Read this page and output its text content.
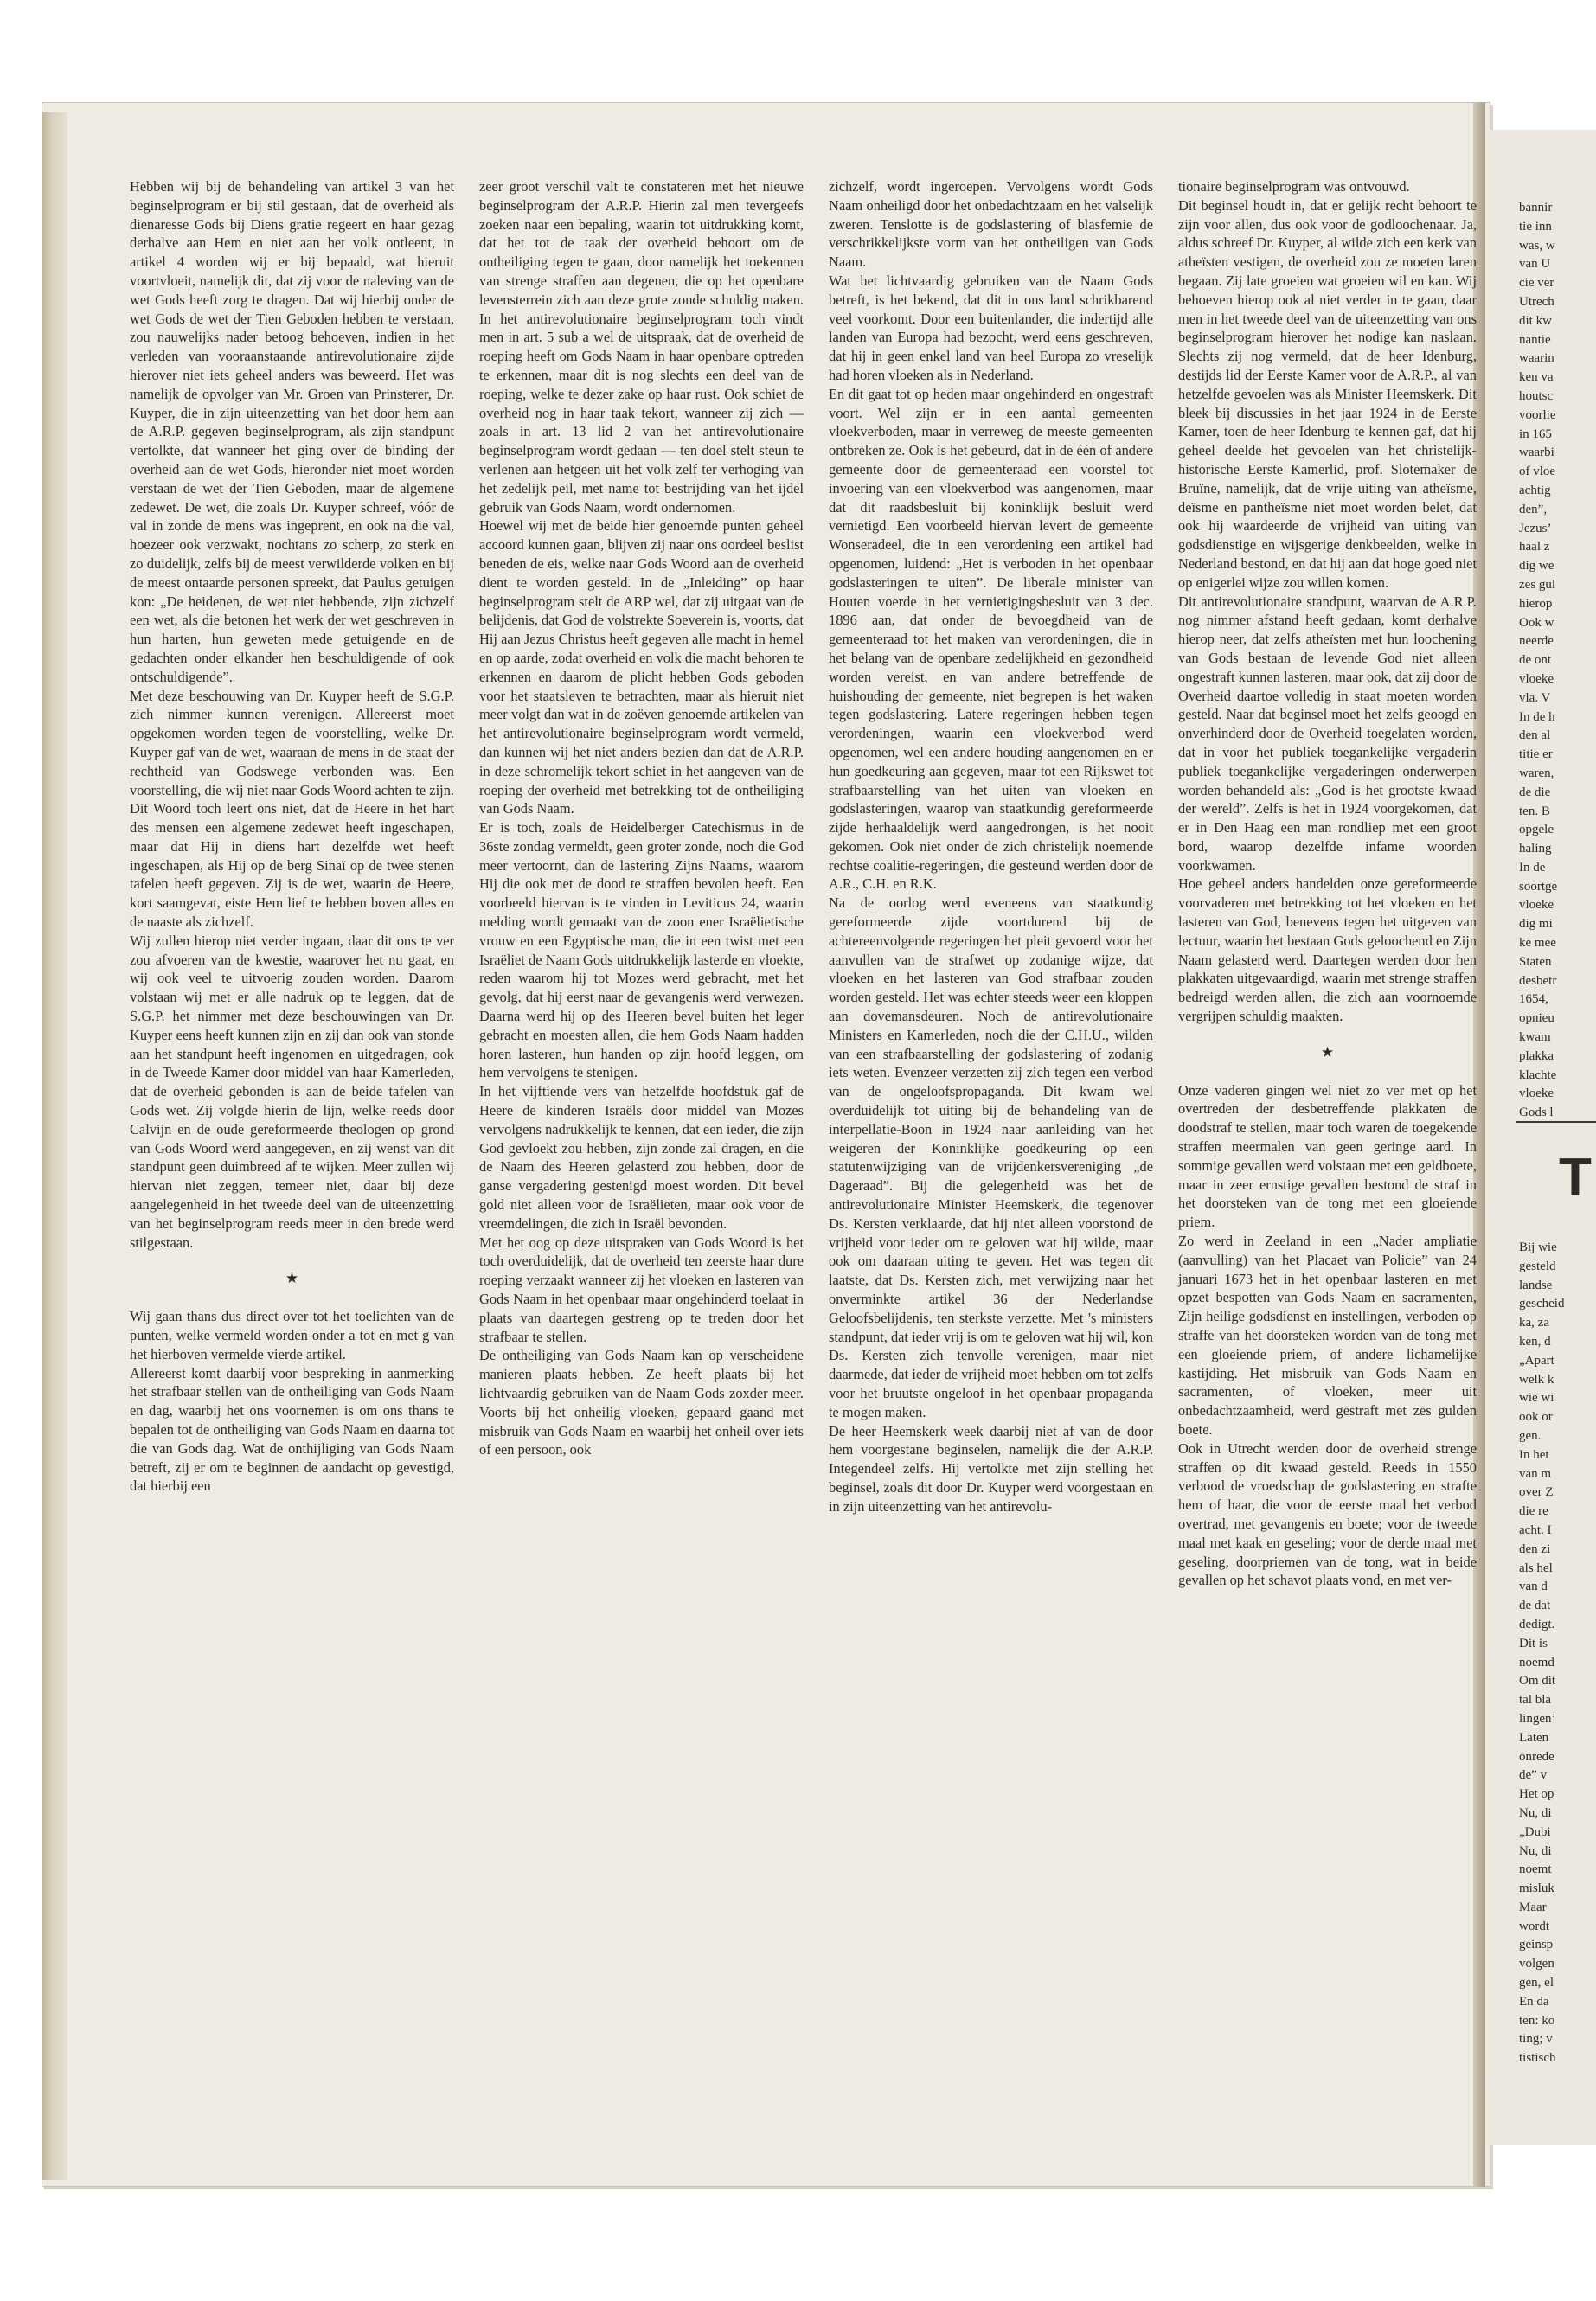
Hebben wij bij de behandeling van artikel 3 van het beginselprogram er bij stil gestaan, dat de overheid als dienaresse Gods bij Diens gratie regeert en haar gezag derhalve aan Hem en niet aan het volk ontleent, in artikel 4 worden wij er bij bepaald, wat hieruit voortvloeit, namelijk dit, dat zij voor de naleving van de wet Gods heeft zorg te dragen. Dat wij hierbij onder de wet Gods de wet der Tien Geboden hebben te verstaan, zou nauwelijks nader betoog behoeven, indien in het verleden van vooraanstaande antirevolutionaire zijde hierover niet iets geheel anders was beweerd. Het was namelijk de opvolger van Mr. Groen van Prinsterer, Dr. Kuyper, die in zijn uiteenzetting van het door hem aan de A.R.P. gegeven beginselprogram, als zijn standpunt vertolkte, dat wanneer het ging over de binding der overheid aan de wet Gods, hieronder niet moet worden verstaan de wet der Tien Geboden, maar de algemene zedewet. De wet, die zoals Dr. Kuyper schreef, vóór de val in zonde de mens was ingeprent, en ook na die val, hoezeer ook verzwakt, nochtans zo scherp, zo sterk en zo duidelijk, zelfs bij de meest verwilderde volken en bij de meest ontaarde personen spreekt, dat Paulus getuigen kon: „De heidenen, de wet niet hebbende, zijn zichzelf een wet, als die betonen het werk der wet geschreven in hun harten, hun geweten mede getuigende en de gedachten onder elkander hen beschuldigende of ook ontschuldigende”.

Met deze beschouwing van Dr. Kuyper heeft de S.G.P. zich nimmer kunnen verenigen. Allereerst moet opgekomen worden tegen de voorstelling, welke Dr. Kuyper gaf van de wet, waaraan de mens in de staat der rechtheid van Godswege verbonden was. Een voorstelling, die wij niet naar Gods Woord achten te zijn. Dit Woord toch leert ons niet, dat de Heere in het hart des mensen een algemene zedewet heeft ingeschapen, maar dat Hij in diens hart dezelfde wet heeft ingeschapen, als Hij op de berg Sinaï op de twee stenen tafelen heeft gegeven. Zij is de wet, waarin de Heere, kort saamgevat, eiste Hem lief te hebben boven alles en de naaste als zichzelf.

Wij zullen hierop niet verder ingaan, daar dit ons te ver zou afvoeren van de kwestie, waarover het nu gaat, en wij ook veel te uitvoerig zouden worden. Daarom volstaan wij met er alle nadruk op te leggen, dat de S.G.P. het nimmer met deze beschouwingen van Dr. Kuyper eens heeft kunnen zijn en zij dan ook van stonde aan het standpunt heeft ingenomen en uitgedragen, ook in de Tweede Kamer door middel van haar Kamerleden, dat de overheid gebonden is aan de beide tafelen van Gods wet. Zij volgde hierin de lijn, welke reeds door Calvijn en de oude gereformeerde theologen op grond van Gods Woord werd aangegeven, en zij wenst van dit standpunt geen duimbreed af te wijken. Meer zullen wij hiervan niet zeggen, temeer niet, daar bij deze aangelegenheid in het tweede deel van de uiteenzetting van het beginselprogram reeds meer in den brede werd stilgestaan.

★

Wij gaan thans dus direct over tot het toelichten van de punten, welke vermeld worden onder a tot en met g van het hierboven vermelde vierde artikel.

Allereerst komt daarbij voor bespreking in aanmerking het strafbaar stellen van de ontheiliging van Gods Naam en dag, waarbij het ons voornemen is om ons thans te bepalen tot de ontheiliging van Gods Naam en daarna tot die van Gods dag. Wat de onthijliging van Gods Naam betreft, zij er om te beginnen de aandacht op gevestigd, dat hierbij een

zeer groot verschil valt te constateren met het nieuwe beginselprogram der A.R.P. Hierin zal men tevergeefs zoeken naar een bepaling, waarin tot uitdrukking komt, dat het tot de taak der overheid behoort om de ontheiliging tegen te gaan, door namelijk het toekennen van strenge straffen aan degenen, die op het openbare levensterrein zich aan deze grote zonde schuldig maken. In het antirevolutionaire beginselprogram toch vindt men in art. 5 sub a wel de uitspraak, dat de overheid de roeping heeft om Gods Naam in haar openbare optreden te erkennen, maar dit is nog slechts een deel van de roeping, welke te dezer zake op haar rust. Ook schiet de overheid nog in haar taak tekort, wanneer zij zich — zoals in art. 13 lid 2 van het antirevolutionaire beginselprogram wordt gedaan — ten doel stelt steun te verlenen aan hetgeen uit het volk zelf ter verhoging van het zedelijk peil, met name tot bestrijding van het ijdel gebruik van Gods Naam, wordt ondernomen.

Hoewel wij met de beide hier genoemde punten geheel accoord kunnen gaan, blijven zij naar ons oordeel beslist beneden de eis, welke naar Gods Woord aan de overheid dient te worden gesteld. In de „Inleiding” op haar beginselprogram stelt de ARP wel, dat zij uitgaat van de belijdenis, dat God de volstrekte Soeverein is, voorts, dat Hij aan Jezus Christus heeft gegeven alle macht in hemel en op aarde, zodat overheid en volk die macht behoren te erkennen en daarom de plicht hebben Gods geboden voor het staatsleven te betrachten, maar als hieruit niet meer volgt dan wat in de zoëven genoemde artikelen van het antirevolutionaire beginselprogram wordt vermeld, dan kunnen wij het niet anders bezien dan dat de A.R.P. in deze schromelijk tekort schiet in het aangeven van de roeping der overheid met betrekking tot de ontheiliging van Gods Naam.

Er is toch, zoals de Heidelberger Catechismus in de 36ste zondag vermeldt, geen groter zonde, noch die God meer vertoornt, dan de lastering Zijns Naams, waarom Hij die ook met de dood te straffen bevolen heeft. Een voorbeeld hiervan is te vinden in Leviticus 24, waarin melding wordt gemaakt van de zoon ener Israëlietische vrouw en een Egyptische man, die in een twist met een Israëliet de Naam Gods uitdrukkelijk lasterde en vloekte, reden waarom hij tot Mozes werd gebracht, met het gevolg, dat hij eerst naar de gevangenis werd verwezen. Daarna werd hij op des Heeren bevel buiten het leger gebracht en moesten allen, die hem Gods Naam hadden horen lasteren, hun handen op zijn hoofd leggen, om hem vervolgens te stenigen.

In het vijftiende vers van hetzelfde hoofdstuk gaf de Heere de kinderen Israëls door middel van Mozes vervolgens nadrukkelijk te kennen, dat een ieder, die zijn God gevloekt zou hebben, zijn zonde zal dragen, en die de Naam des Heeren gelasterd zou hebben, door de ganse vergadering gestenigd moest worden. Dit bevel gold niet alleen voor de Israëlieten, maar ook voor de vreemdelingen, die zich in Israël bevonden.

Met het oog op deze uitspraken van Gods Woord is het toch overduidelijk, dat de overheid ten zeerste haar dure roeping verzaakt wanneer zij het vloeken en lasteren van Gods Naam in het openbaar maar ongehinderd toelaat in plaats van daartegen gestreng op te treden door het strafbaar te stellen.

De ontheiliging van Gods Naam kan op verscheidene manieren plaats hebben. Ze heeft plaats bij het lichtvaardig gebruiken van de Naam Gods zoxder meer. Voorts bij het onheilig vloeken, gepaard gaand met misbruik van Gods Naam en waarbij het onheil over iets of een persoon, ook

zichzelf, wordt ingeroepen. Vervolgens wordt Gods Naam onheiligd door het onbedachtzaam en het valselijk zweren. Tenslotte is de godslastering of blasfemie de verschrikkelijkste vorm van het ontheiligen van Gods Naam.

Wat het lichtvaardig gebruiken van de Naam Gods betreft, is het bekend, dat dit in ons land schrikbarend veel voorkomt. Door een buitenlander, die indertijd alle landen van Europa had bezocht, werd eens geschreven, dat hij in geen enkel land van heel Europa zo vreselijk had horen vloeken als in Nederland.

En dit gaat tot op heden maar ongehinderd en ongestraft voort. Wel zijn er in een aantal gemeenten vloekverboden, maar in verreweg de meeste gemeenten ontbreken ze. Ook is het gebeurd, dat in de één of andere gemeente door de gemeenteraad een voorstel tot invoering van een vloekverbod was aangenomen, maar dat dit raadsbesluit bij koninklijk besluit werd vernietigd. Een voorbeeld hiervan levert de gemeente Wonseradeel, die in een verordening een artikel had opgenomen, luidend: „Het is verboden in het openbaar godslasteringen te uiten”. De liberale minister van Houten voerde in het vernietigingsbesluit van 3 dec. 1896 aan, dat onder de bevoegdheid van de gemeenteraad tot het maken van verordeningen, die in het belang van de openbare zedelijkheid en gezondheid worden vereist, en van andere betreffende de huishouding der gemeente, niet begrepen is het waken tegen godslastering. Latere regeringen hebben tegen verordeningen, waarin een vloekverbod werd opgenomen, wel een andere houding aangenomen en er hun goedkeuring aan gegeven, maar tot een Rijkswet tot strafbaarstelling van het uiten van vloeken en godslasteringen, waarop van staatkundig gereformeerde zijde herhaaldelijk werd aangedrongen, is het nooit gekomen. Ook niet onder de zich christelijk noemende rechtse coalitie-regeringen, die gesteund werden door de A.R., C.H. en R.K.

Na de oorlog werd eveneens van staatkundig gereformeerde zijde voortdurend bij de achtereenvolgende regeringen het pleit gevoerd voor het aanvullen van de strafwet op zodanige wijze, dat vloeken en het lasteren van God strafbaar zouden worden gesteld. Het was echter steeds weer een kloppen aan dovemansdeuren. Noch de antirevolutionaire Ministers en Kamerleden, noch die der C.H.U., wilden van een strafbaarstelling der godslastering of zodanig iets weten. Evenzeer verzetten zij zich tegen een verbod van de ongeloofspropaganda. Dit kwam wel overduidelijk tot uiting bij de behandeling van de interpellatie-Boon in 1924 naar aanleiding van het weigeren der Koninklijke goedkeuring op een statutenwijziging van de vrijdenkersvereniging „de Dageraad”. Bij die gelegenheid was het de antirevolutionaire Minister Heemskerk, die tegenover Ds. Kersten verklaarde, dat hij niet alleen voorstond de vrijheid voor ieder om te geloven wat hij wilde, maar ook om daaraan uiting te geven. Het was tegen dit laatste, dat Ds. Kersten zich, met verwijzing naar het onverminkte artikel 36 der Nederlandse Geloofsbelijdenis, ten sterkste verzette. Met 's ministers standpunt, dat ieder vrij is om te geloven wat hij wil, kon Ds. Kersten zich tenvolle verenigen, maar niet daarmede, dat ieder de vrijheid moet hebben om tot zelfs voor het bruutste ongeloof in het openbaar propaganda te mogen maken.

De heer Heemskerk week daarbij niet af van de door hem voorgestane beginselen, namelijk die der A.R.P. Integendeel zelfs. Hij vertolkte met zijn stelling het beginsel, zoals dit door Dr. Kuyper werd voorgestaan en in zijn uiteenzetting van het antirevolu-

tionaire beginselprogram was ontvouwd.

Dit beginsel houdt in, dat er gelijk recht behoort te zijn voor allen, dus ook voor de godloochenaar. Ja, aldus schreef Dr. Kuyper, al wilde zich een kerk van atheïsten vestigen, de overheid zou ze moeten laren begaan. Zij late groeien wat groeien wil en kan. Wij behoeven hierop ook al niet verder in te gaan, daar men in het tweede deel van de uiteenzetting van ons beginselprogram hierover het nodige kan naslaan. Slechts zij nog vermeld, dat de heer Idenburg, destijds lid der Eerste Kamer voor de A.R.P., al van hetzelfde gevoelen was als Minister Heemskerk. Dit bleek bij discussies in het jaar 1924 in de Eerste Kamer, toen de heer Idenburg te kennen gaf, dat hij geheel deelde het gevoelen van het christelijk-historische Eerste Kamerlid, prof. Slotemaker de Bruïne, namelijk, dat de vrije uiting van atheïsme, deïsme en pantheïsme niet moet worden belet, dat ook hij waardeerde de vrijheid van uiting van godsdienstige en wijsgerige denkbeelden, welke in Nederland bestond, en dat hij aan dat hoge goed niet op enigerlei wijze zou willen komen.

Dit antirevolutionaire standpunt, waarvan de A.R.P. nog nimmer afstand heeft gedaan, komt derhalve hierop neer, dat zelfs atheïsten met hun loochening van Gods bestaan de levende God niet alleen ongestraft kunnen lasteren, maar ook, dat zij door de Overheid daartoe volledig in staat moeten worden gesteld. Naar dat beginsel moet het zelfs geoogd en onverhinderd door de Overheid toegelaten worden, dat in voor het publiek toegankelijke vergaderin publiek toegankelijke vergaderingen onderwerpen worden behandeld als: „God is het grootste kwaad der wereld”. Zelfs is het in 1924 voorgekomen, dat er in Den Haag een man rondliep met een groot bord, waarop dezelfde infame woorden voorkwamen.

Hoe geheel anders handelden onze gereformeerde voorvaderen met betrekking tot het vloeken en het lasteren van God, benevens tegen het uitgeven van lectuur, waarin het bestaan Gods geloochend en Zijn Naam gelasterd werd. Daartegen werden door hen plakkaten uitgevaardigd, waarin met strenge straffen bedreigd werden allen, die zich aan voornoemde vergrijpen schuldig maakten.

★

Onze vaderen gingen wel niet zo ver met op het overtreden der desbetreffende plakkaten de doodstraf te stellen, maar toch waren de toegekende straffen meermalen van geen geringe aard. In sommige gevallen werd volstaan met een geldboete, maar in zeer ernstige gevallen bestond de straf in het doorsteken van de tong met een gloeiende priem.

Zo werd in Zeeland in een „Nader ampliatie (aanvulling) van het Placaet van Policie” van 24 januari 1673 het in het openbaar lasteren en met opzet bespotten van Gods Naam en sacramenten, Zijn heilige godsdienst en instellingen, verboden op straffe van het doorsteken worden van de tong met een gloeiende priem, of andere lichamelijke kastijding. Het misbruik van Gods Naam en sacramenten, of vloeken, meer uit onbedachtzaamheid, werd gestraft met zes gulden boete.

Ook in Utrecht werden door de overheid strenge straffen op dit kwaad gesteld. Reeds in 1550 verbood de vroedschap de godslastering en strafte hem of haar, die voor de eerste maal het verbod overtrad, met gevangenis en boete; voor de tweede maal met kaak en geseling; voor de derde maal met geseling, doorpriemen van de tong, wat in beide gevallen op het schavot plaats vond, en met ver-

bannir
tie inn
was, w
van U
cie ver
Utrech
dit kw
nantie
waarin
ken va
houtsc
voorlie
in 165
waarbi
of vloe
achtig
den”,
Jezus’
haal z
dig we
zes gul
hierop
Ook w
neerde
de ont
vloeke
vla. V
In de h
den al
titie er
waren,
de die
ten. B
opgele
haling
In de
soortge
vloeke
dig mi
ke mee
Staten
desbetr
1654,
opnieu
kwam
plakka
klachte
vloeke
Gods l
T
Bij wie
gesteld
landse
gescheid
ka, za
ken, d
„Apart
welk k
wie wi
ook or
gen.
In het
van m
over Z
die re
acht. I
den zi
als hel
van d
de dat
dedigt.
Dit is
noemd
Om dit
tal bla
lingen’
Laten
onrede
de” v
Het op
Nu, di
„Dubi
Nu, di
noemt
misluk
Maar
wordt
geinsp
volgen
gen, el
En da
ten: ko
ting; v
tistisch
